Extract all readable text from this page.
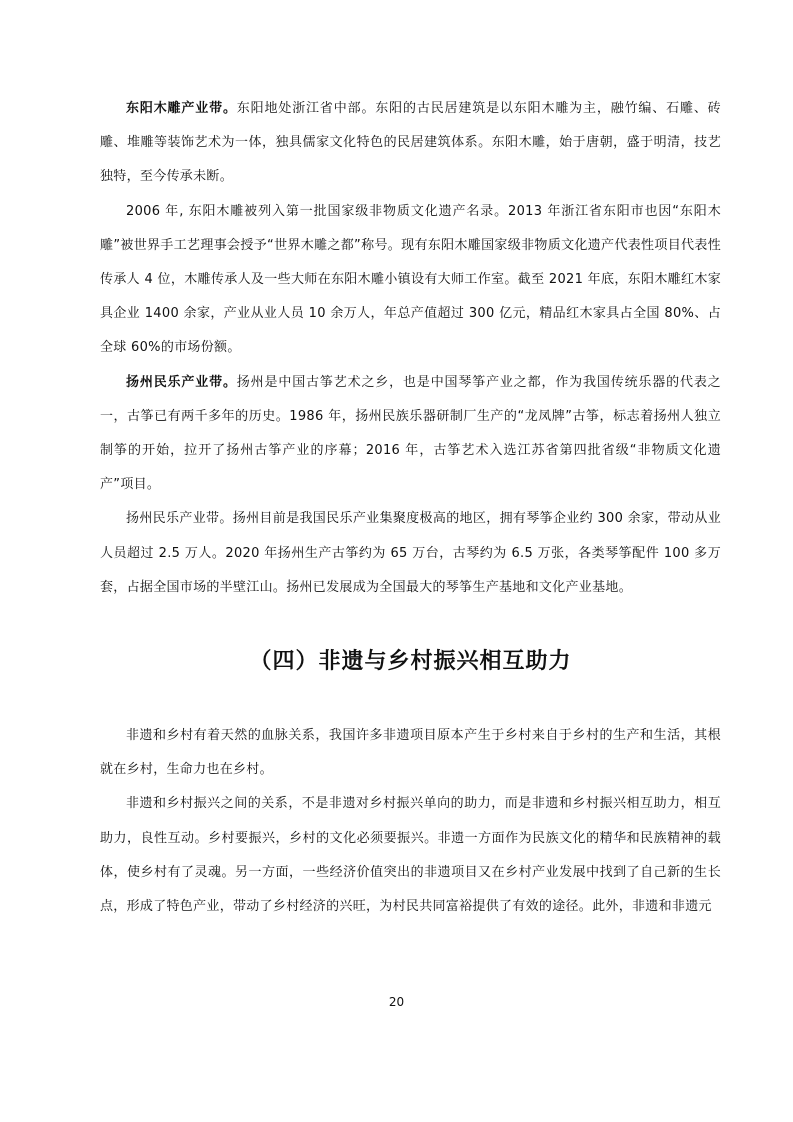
东阳木雕产业带。东阳地处浙江省中部。东阳的古民居建筑是以东阳木雕为主，融竹编、石雕、砖雕、堆雕等装饰艺术为一体，独具儒家文化特色的民居建筑体系。东阳木雕，始于唐朝，盛于明清，技艺独特，至今传承未断。

2006 年, 东阳木雕被列入第一批国家级非物质文化遗产名录。2013 年浙江省东阳市也因“东阳木雕”被世界手工艺理事会授予“世界木雕之都”称号。现有东阳木雕国家级非物质文化遗产代表性项目代表性传承人 4 位，木雕传承人及一些大师在东阳木雕小镇设有大师工作室。截至 2021 年底，东阳木雕红木家具企业 1400 余家，产业从业人员 10 余万人，年总产值超过 300 亿元，精品红木家具占全国 80%、占全球 60%的市场份额。

扬州民乐产业带。扬州是中国古筝艺术之乡，也是中国琴筝产业之都，作为我国传统乐器的代表之一，古筝已有两千多年的历史。1986 年，扬州民族乐器研制厂生产的“龙凤牌”古筝，标志着扬州人独立制筝的开始，拉开了扬州古筝产业的序幕；2016 年，古筝艺术入选江苏省第四批省级“非物质文化遗产”项目。

扬州民乐产业带。扬州目前是我国民乐产业集聚度极高的地区，拥有琴筝企业约 300 余家，带动从业人员超过 2.5 万人。2020 年扬州生产古筝约为 65 万台，古琴约为 6.5 万张，各类琴筝配件 100 多万套，占据全国市场的半壁江山。扬州已发展成为全国最大的琴筝生产基地和文化产业基地。

（四）非遗与乡村振兴相互助力

非遗和乡村有着天然的血脉关系，我国许多非遗项目原本产生于乡村来自于乡村的生产和生活，其根就在乡村，生命力也在乡村。

非遗和乡村振兴之间的关系，不是非遗对乡村振兴单向的助力，而是非遗和乡村振兴相互助力，相互助力，良性互动。乡村要振兴，乡村的文化必须要振兴。非遗一方面作为民族文化的精华和民族精神的载体，使乡村有了灵魂。另一方面，一些经济价值突出的非遗项目又在乡村产业发展中找到了自己新的生长点，形成了特色产业，带动了乡村经济的兴旺，为村民共同富裕提供了有效的途径。此外，非遗和非遗元

20
